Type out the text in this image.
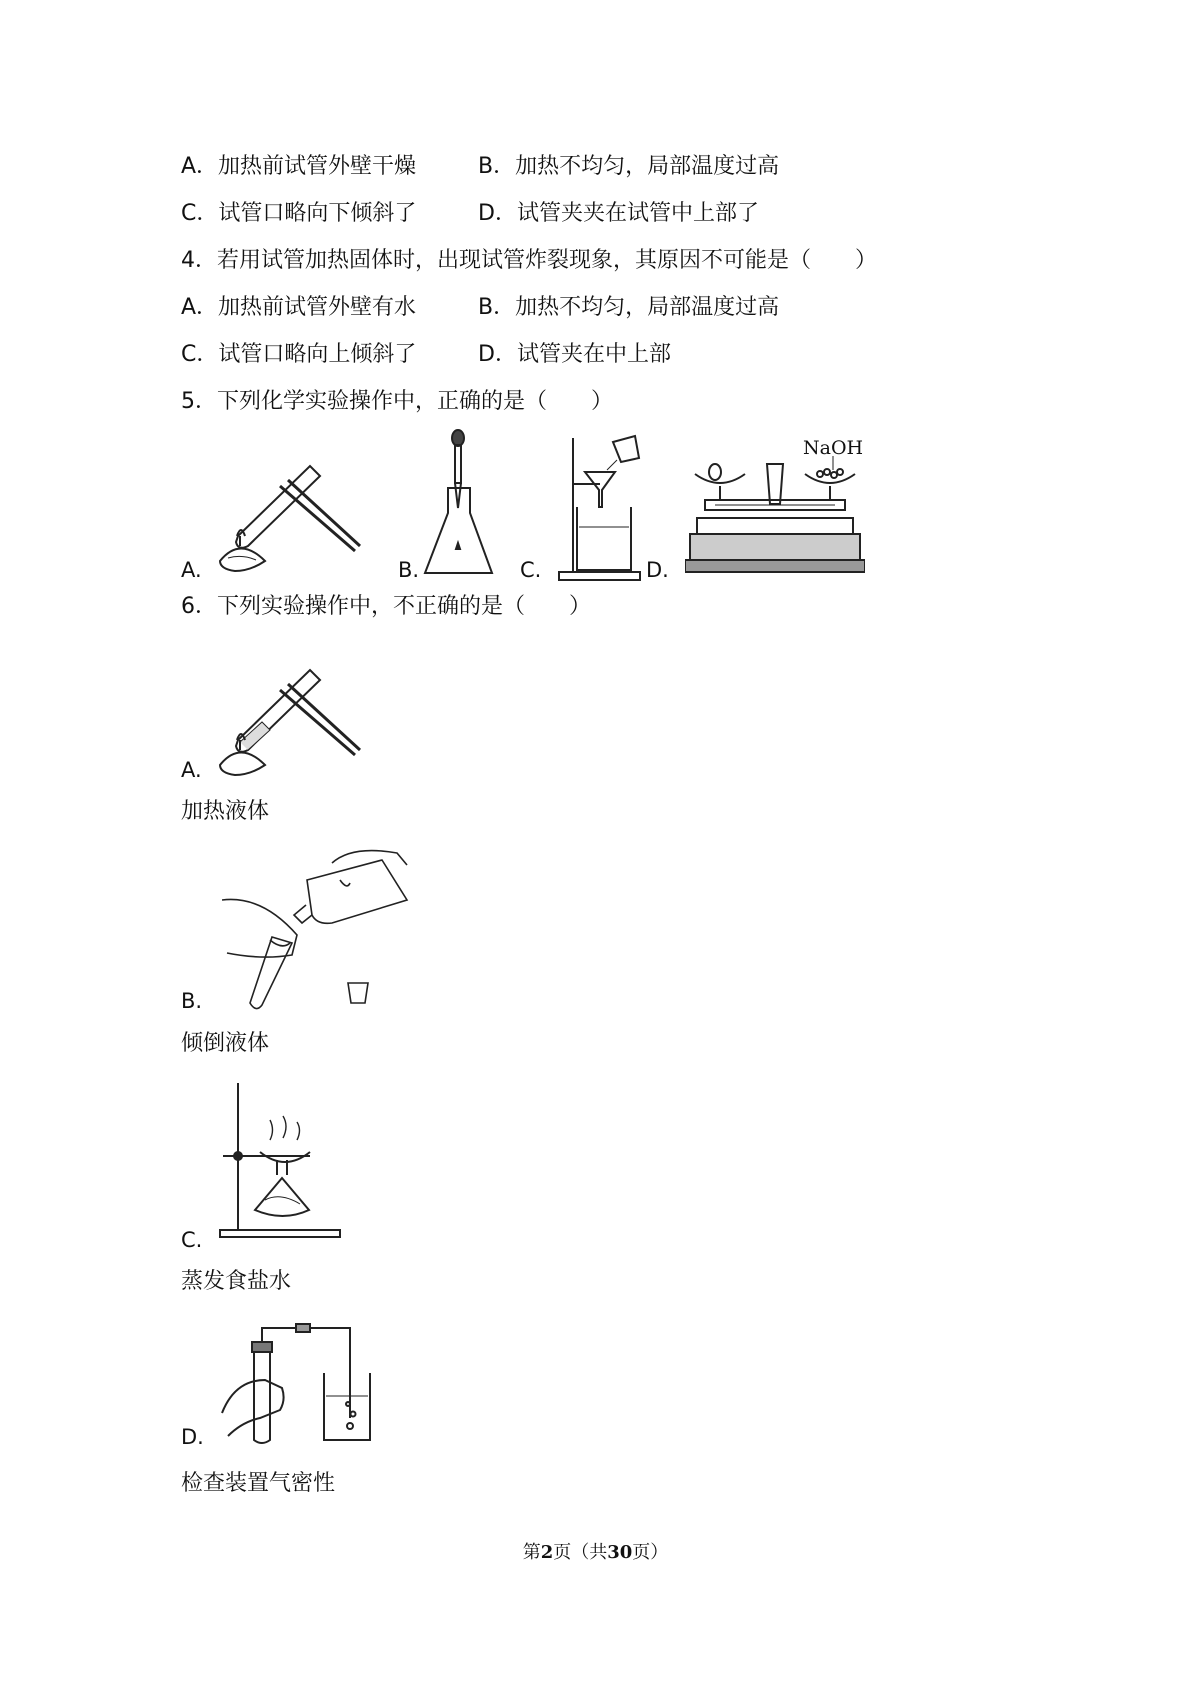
A．加热前试管外壁干燥	B．加热不均匀，局部温度过高
C．试管口略向下倾斜了	D．试管夹夹在试管中上部了
4．若用试管加热固体时，出现试管炸裂现象，其原因不可能是（　　）
A．加热前试管外壁有水	B．加热不均匀，局部温度过高
C．试管口略向上倾斜了	D．试管夹在中上部
5．下列化学实验操作中，正确的是（　　）
A.	B.	C.	D.
NaOH
6．下列实验操作中，不正确的是（　　）
A.
加热液体
B.
倾倒液体
C.
蒸发食盐水
D.
检查装置气密性
第2页（共30页）
